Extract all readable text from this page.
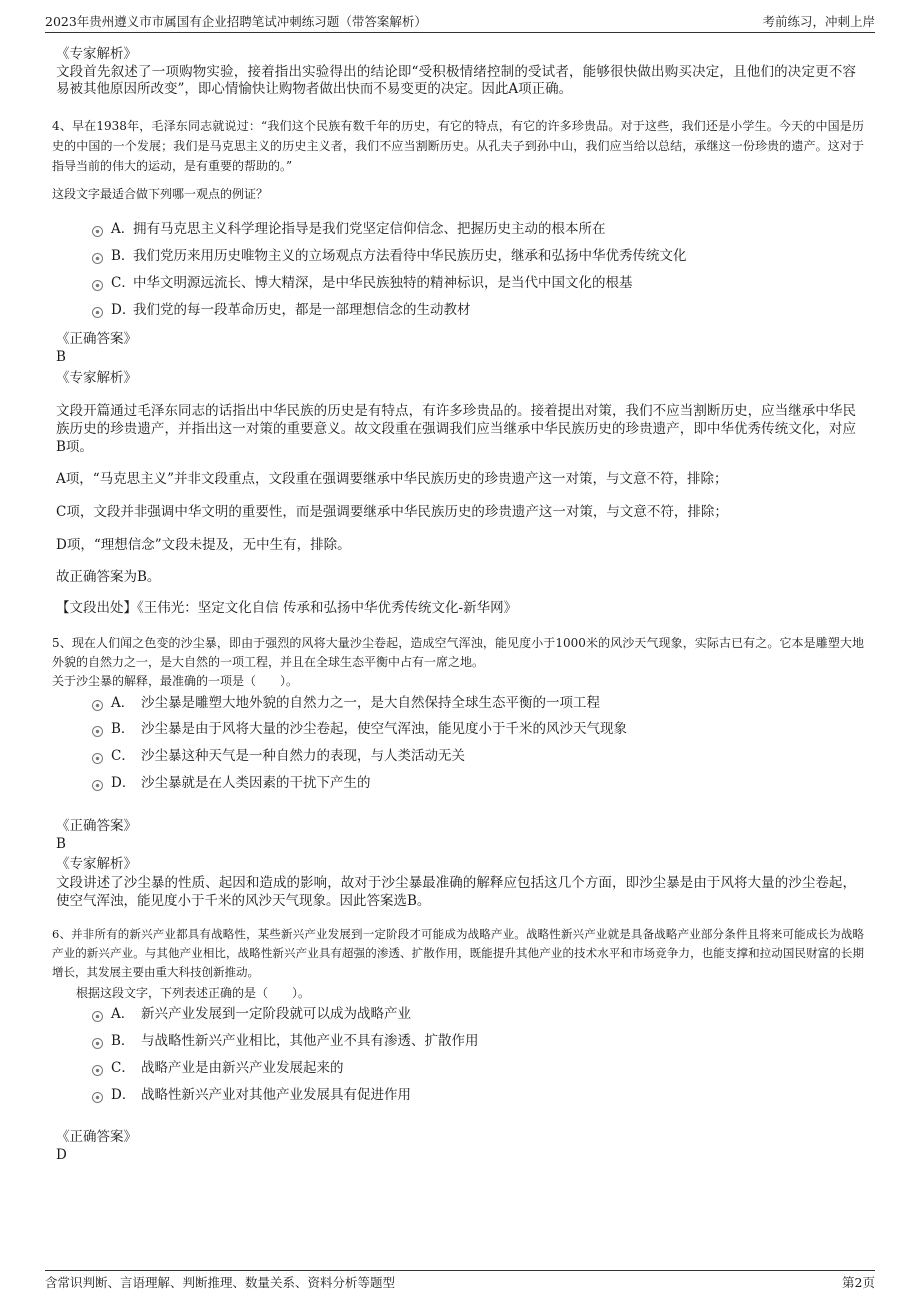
2023年贵州遵义市市属国有企业招聘笔试冲刺练习题（带答案解析）	考前练习，冲刺上岸
《专家解析》
文段首先叙述了一项购物实验，接着指出实验得出的结论即“受积极情绪控制的受试者，能够很快做出购买决定，且他们的决定更不容易被其他原因所改变”，即心情愉快让购物者做出快而不易变更的决定。因此A项正确。
4、早在1938年，毛泽东同志就说过：“我们这个民族有数千年的历史，有它的特点，有它的许多珍贵品。对于这些，我们还是小学生。今天的中国是历史的中国的一个发展；我们是马克思主义的历史主义者，我们不应当割断历史。从孔夫子到孙中山，我们应当给以总结，承继这一份珍贵的遗产。这对于指导当前的伟大的运动，是有重要的帮助的。”
这段文字最适合做下列哪一观点的例证？
A．
拥有马克思主义科学理论指导是我们党坚定信仰信念、把握历史主动的根本所在
B．
我们党历来用历史唯物主义的立场观点方法看待中华民族历史，继承和弘扬中华优秀传统文化
C．
中华文明源远流长、博大精深，是中华民族独特的精神标识，是当代中国文化的根基
D．
我们党的每一段革命历史，都是一部理想信念的生动教材
《正确答案》
B
《专家解析》
文段开篇通过毛泽东同志的话指出中华民族的历史是有特点，有许多珍贵品的。接着提出对策，我们不应当割断历史，应当继承中华民族历史的珍贵遗产，并指出这一对策的重要意义。故文段重在强调我们应当继承中华民族历史的珍贵遗产，即中华优秀传统文化，对应B项。
A项，“马克思主义”并非文段重点，文段重在强调要继承中华民族历史的珍贵遗产这一对策，与文意不符，排除；
C项，文段并非强调中华文明的重要性，而是强调要继承中华民族历史的珍贵遗产这一对策，与文意不符，排除；
D项，“理想信念”文段未提及，无中生有，排除。
故正确答案为B。
【文段出处】《王伟光：坚定文化自信 传承和弘扬中华优秀传统文化-新华网》
5、现在人们闻之色变的沙尘暴，即由于强烈的风将大量沙尘卷起，造成空气浑浊，能见度小于1000米的风沙天气现象，实际古已有之。它本是雕塑大地外貌的自然力之一，是大自然的一项工程，并且在全球生态平衡中占有一席之地。
关于沙尘暴的解释，最准确的一项是（　　）。
A． 沙尘暴是雕塑大地外貌的自然力之一，是大自然保持全球生态平衡的一项工程
B． 沙尘暴是由于风将大量的沙尘卷起，使空气浑浊，能见度小于千米的风沙天气现象
C． 沙尘暴这种天气是一种自然力的表现，与人类活动无关
D． 沙尘暴就是在人类因素的干扰下产生的
《正确答案》
B
《专家解析》
文段讲述了沙尘暴的性质、起因和造成的影响，故对于沙尘暴最准确的解释应包括这几个方面，即沙尘暴是由于风将大量的沙尘卷起，使空气浑浊，能见度小于千米的风沙天气现象。因此答案选B。
6、并非所有的新兴产业都具有战略性，某些新兴产业发展到一定阶段才可能成为战略产业。战略性新兴产业就是具备战略产业部分条件且将来可能成长为战略产业的新兴产业。与其他产业相比，战略性新兴产业具有超强的渗透、扩散作用，既能提升其他产业的技术水平和市场竞争力，也能支撑和拉动国民财富的长期增长，其发展主要由重大科技创新推动。
根据这段文字，下列表述正确的是（　　）。
A． 新兴产业发展到一定阶段就可以成为战略产业
B． 与战略性新兴产业相比，其他产业不具有渗透、扩散作用
C． 战略产业是由新兴产业发展起来的
D． 战略性新兴产业对其他产业发展具有促进作用
《正确答案》
D
含常识判断、言语理解、判断推理、数量关系、资料分析等题型	第2页
